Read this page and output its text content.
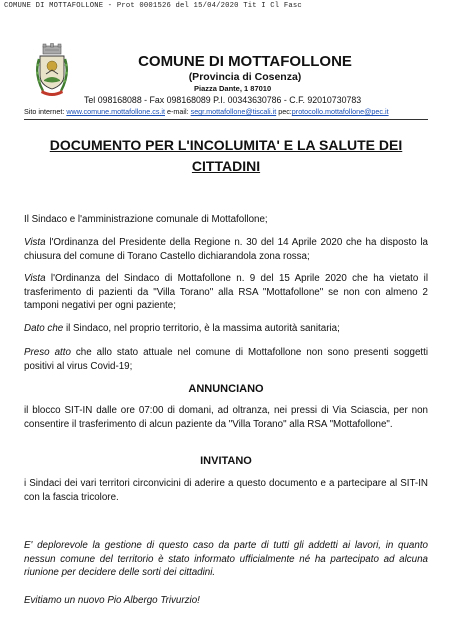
COMUNE DI MOTTAFOLLONE - Prot 0001526 del 15/04/2020 Tit I Cl Fasc
COMUNE DI MOTTAFOLLONE
(Provincia di Cosenza)
Piazza Dante, 1 87010
Tel 098168088 - Fax 098168089 P.I. 00343630786 - C.F. 92010730783
Sito internet: www.comune.mottafollone.cs.it e-mail: segr.mottafollone@tiscali.it pec:protocollo.mottafollone@pec.it
DOCUMENTO PER L'INCOLUMITA' E LA SALUTE DEI
CITTADINI
Il Sindaco e l'amministrazione comunale di Mottafollone;
Vista l'Ordinanza del Presidente della Regione n. 30 del 14 Aprile 2020 che ha disposto la chiusura del comune di Torano Castello dichiarandola zona rossa;
Vista l'Ordinanza del Sindaco di Mottafollone n. 9 del 15 Aprile 2020 che ha vietato il trasferimento di pazienti da "Villa Torano" alla RSA "Mottafollone" se non con almeno 2 tamponi negativi per ogni paziente;
Dato che il Sindaco, nel proprio territorio, è la massima autorità sanitaria;
Preso atto che allo stato attuale nel comune di Mottafollone non sono presenti soggetti positivi al virus Covid-19;
ANNUNCIANO
il blocco SIT-IN dalle ore 07:00 di domani, ad oltranza, nei pressi di Via Sciascia, per non consentire il trasferimento di alcun paziente da "Villa Torano" alla RSA "Mottafollone".
INVITANO
i Sindaci dei vari territori circonvicini di aderire a questo documento e a partecipare al SIT-IN con la fascia tricolore.
E' deplorevole la gestione di questo caso da parte di tutti gli addetti ai lavori, in quanto nessun comune del territorio è stato informato ufficialmente né ha partecipato ad alcuna riunione per decidere delle sorti dei cittadini.
Evitiamo un nuovo Pio Albergo Trivurzio!
